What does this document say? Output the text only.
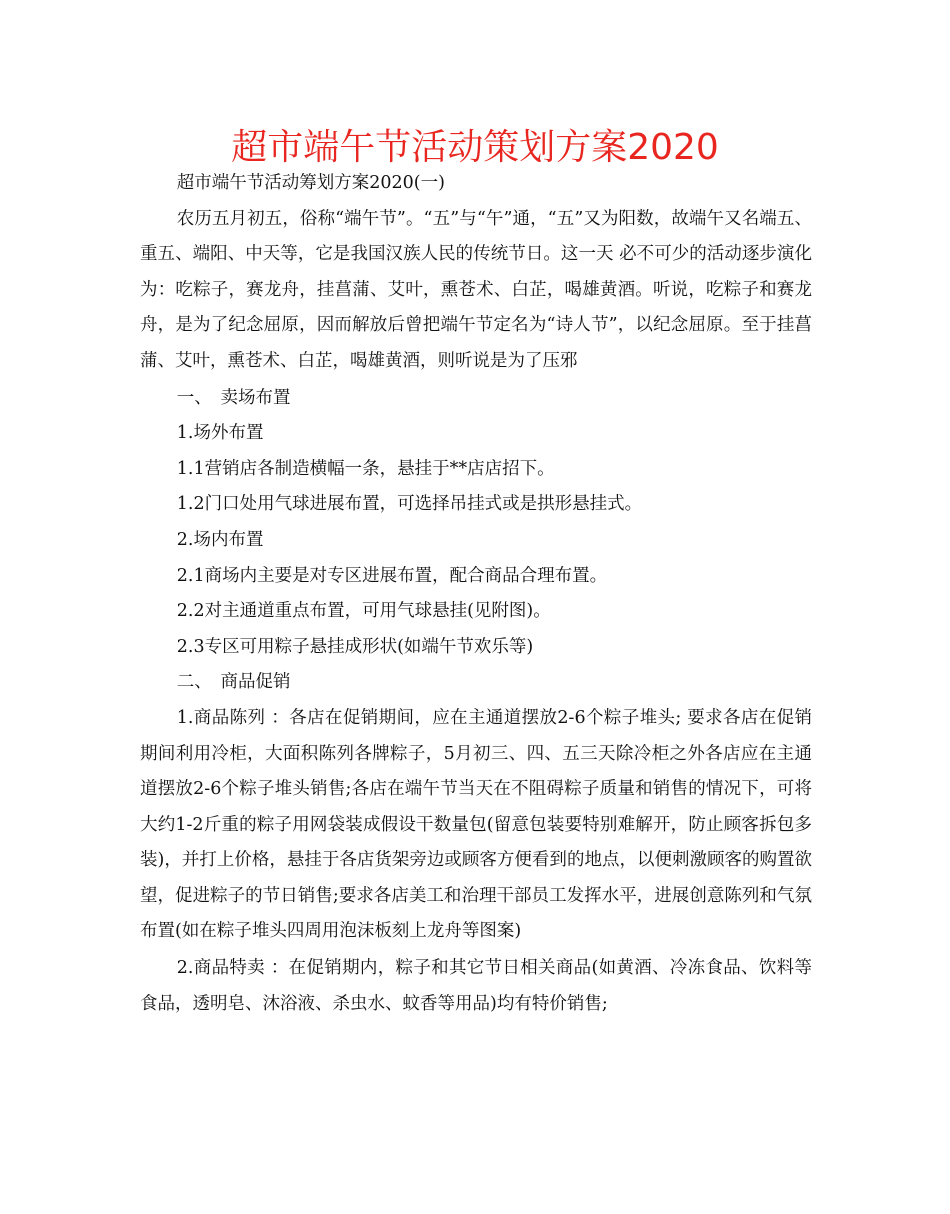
超市端午节活动策划方案2020

超市端午节活动筹划方案2020(一)

农历五月初五，俗称“端午节”。“五”与“午”通，“五”又为阳数，故端午又名端五、重五、端阳、中天等，它是我国汉族人民的传统节日。这一天 必不可少的活动逐步演化为：吃粽子，赛龙舟，挂菖蒲、艾叶，熏苍术、白芷，喝雄黄酒。听说，吃粽子和赛龙舟，是为了纪念屈原，因而解放后曾把端午节定名为“诗人节”，以纪念屈原。至于挂菖蒲、艾叶，熏苍术、白芷，喝雄黄酒，则听说是为了压邪

一、　卖场布置

1.场外布置

1.1营销店各制造横幅一条，悬挂于**店店招下。

1.2门口处用气球进展布置，可选择吊挂式或是拱形悬挂式。

2.场内布置

2.1商场内主要是对专区进展布置，配合商品合理布置。

2.2对主通道重点布置，可用气球悬挂(见附图)。

2.3专区可用粽子悬挂成形状(如端午节欢乐等)

二、　商品促销

1.商品陈列 ：各店在促销期间，应在主通道摆放2-6个粽子堆头; 要求各店在促销期间利用冷柜，大面积陈列各牌粽子，5月初三、四、五三天除冷柜之外各店应在主通道摆放2-6个粽子堆头销售;各店在端午节当天在不阻碍粽子质量和销售的情况下，可将大约1-2斤重的粽子用网袋装成假设干数量包(留意包装要特别难解开，防止顾客拆包多装)，并打上价格，悬挂于各店货架旁边或顾客方便看到的地点，以便刺激顾客的购置欲望，促进粽子的节日销售;要求各店美工和治理干部员工发挥水平，进展创意陈列和气氛布置(如在粽子堆头四周用泡沫板刻上龙舟等图案)

2.商品特卖 ：在促销期内，粽子和其它节日相关商品(如黄酒、冷冻食品、饮料等食品，透明皂、沐浴液、杀虫水、蚊香等用品)均有特价销售;
